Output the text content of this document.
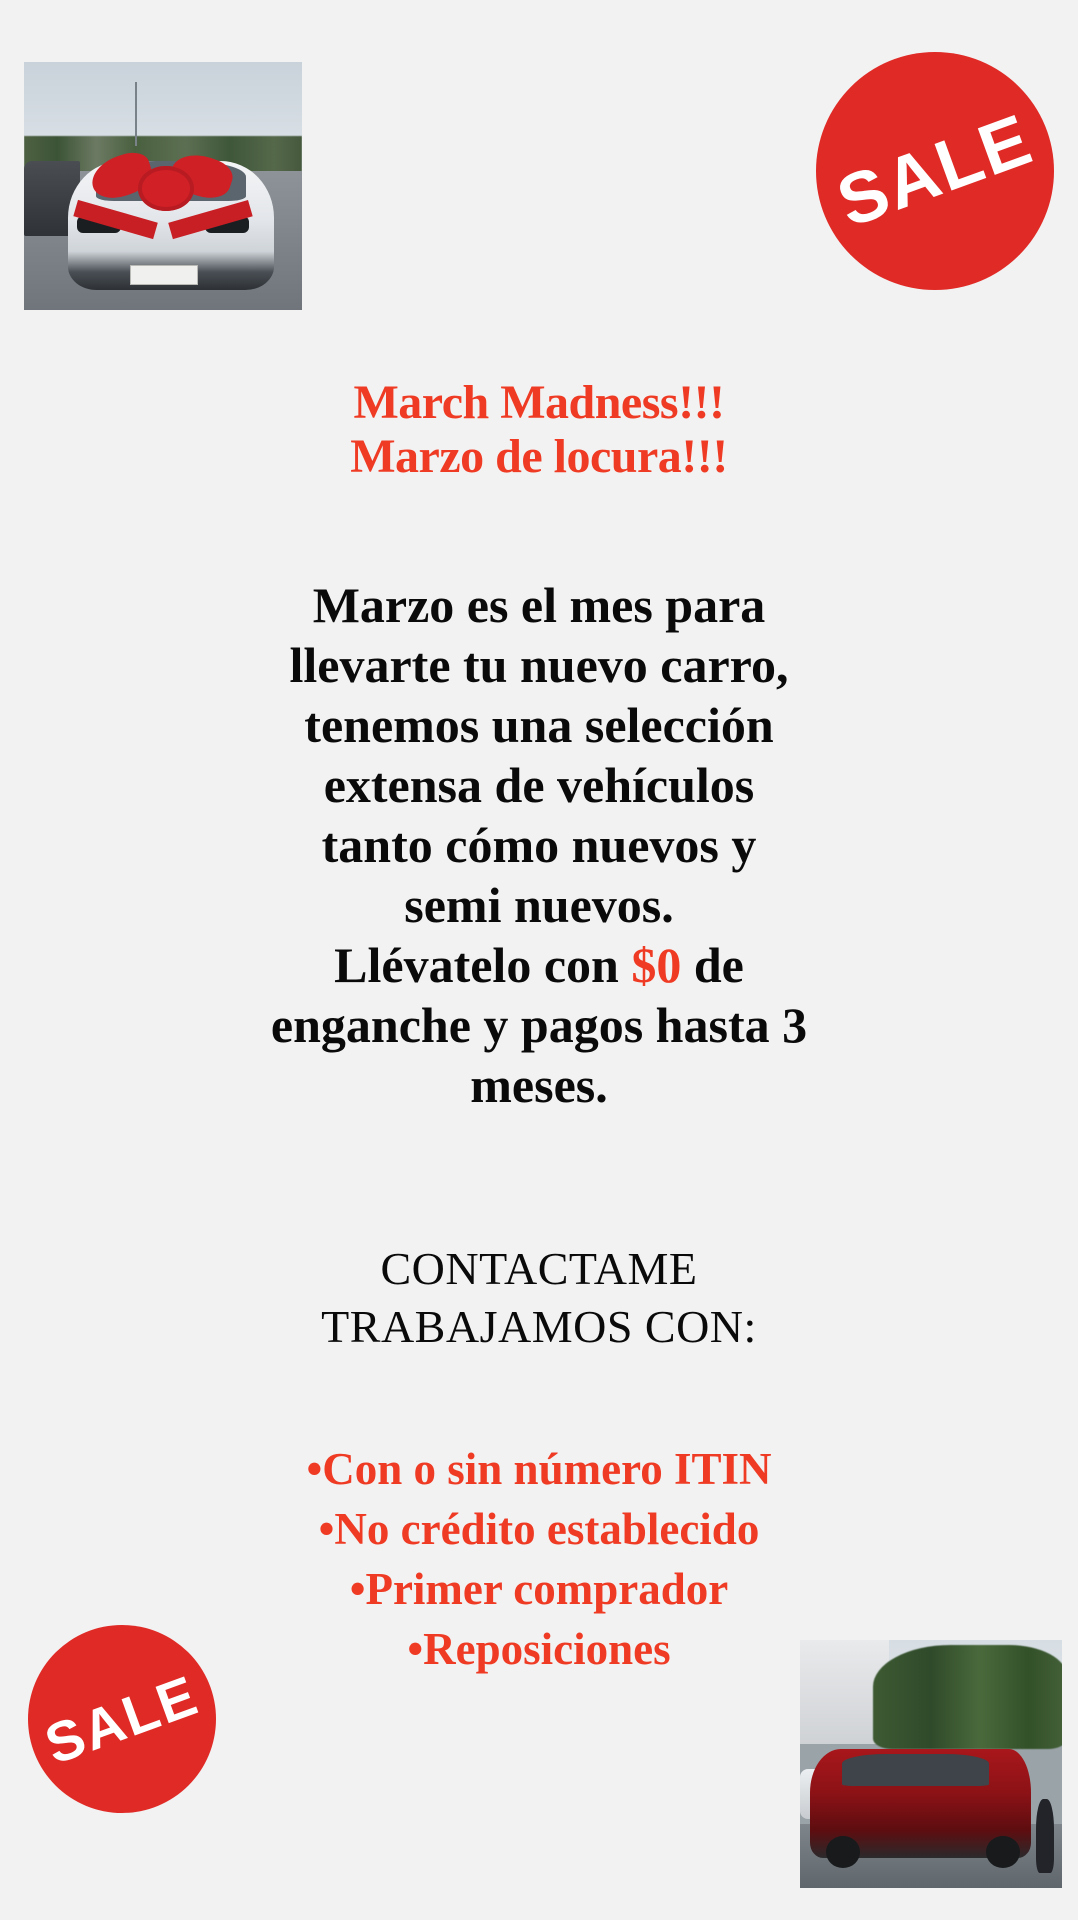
SALE
March Madness!!!
Marzo de locura!!!
Marzo es el mes para
llevarte tu nuevo carro,
tenemos una selección
extensa de vehículos
tanto cómo nuevos y
semi nuevos.
Llévatelo con $0 de
enganche y pagos hasta 3
meses.
CONTACTAME
TRABAJAMOS CON:
•Con o sin número ITIN
•No crédito establecido
•Primer comprador
•Reposiciones
SALE
